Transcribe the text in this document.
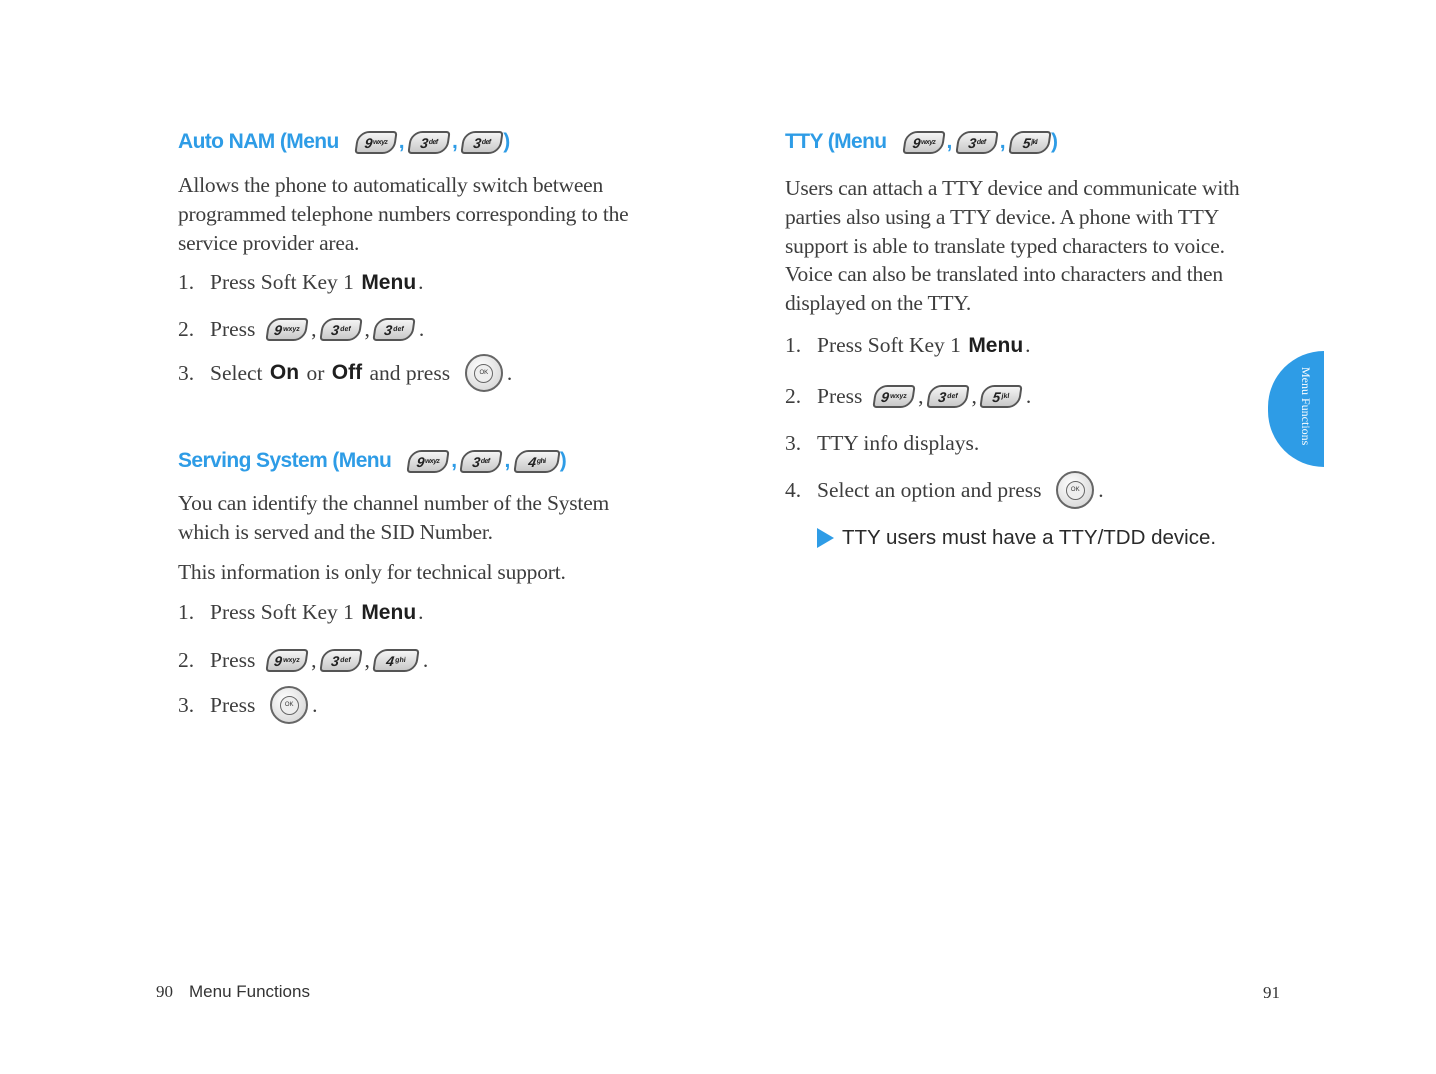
Auto NAM (Menu 9 wxyz , 3 def , 3 def )

Allows the phone to automatically switch between programmed telephone numbers corresponding to the service provider area.

1. Press Soft Key 1
Menu .
2. Press
9 wxyz , 3 def , 3 def .
3. Select
On
or
Off
and press
	OK .
Serving System (Menu 9 wxyz , 3 def , 4 ghi )

You can identify the channel number of the System which is served and the SID Number.

This information is only for technical support.

1. Press Soft Key 1
Menu .
2. Press
9 wxyz , 3 def , 4 ghi .
3. Press
	OK .
TTY (Menu 9 wxyz , 3 def , 5 jkl )

Users can attach a TTY device and communicate with parties also using a TTY device. A phone with TTY support is able to translate typed characters to voice. Voice can also be translated into characters and then displayed on the TTY.

1. Press Soft Key 1
Menu .
2. Press
9 wxyz , 3 def , 5 jkl .
3. TTY info displays.
4. Select an option and press
	OK .
TTY users must have a TTY/TDD device.
Menu Functions
90 Menu Functions	91
